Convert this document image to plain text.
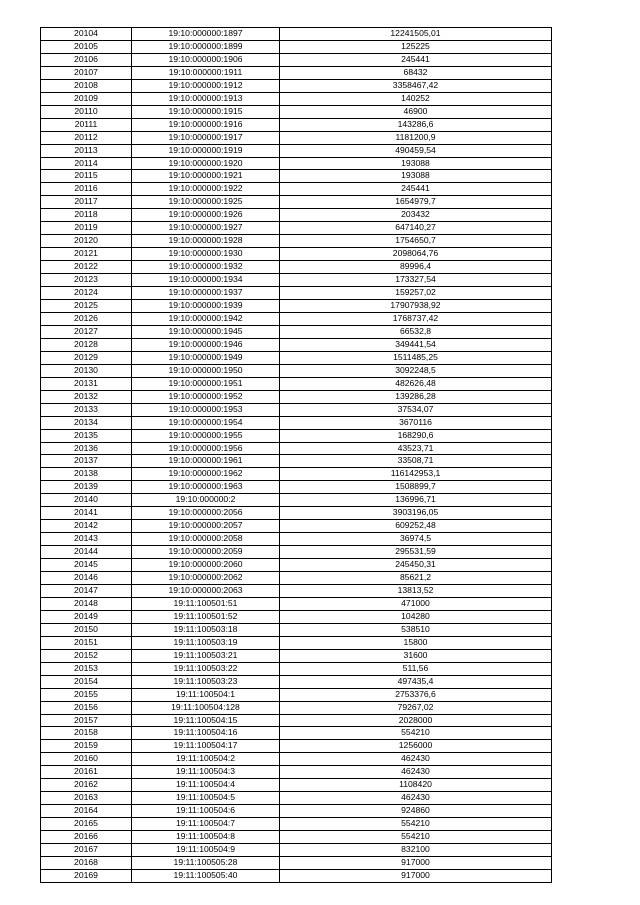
20104	19:10:000000:1897	12241505,01
20105	19:10:000000:1899	125225
20106	19:10:000000:1906	245441
20107	19:10:000000:1911	68432
20108	19:10:000000:1912	3358467,42
20109	19:10:000000:1913	140252
20110	19:10:000000:1915	46900
20111	19:10:000000:1916	143286,6
20112	19:10:000000:1917	1181200,9
20113	19:10:000000:1919	490459,54
20114	19:10:000000:1920	193088
20115	19:10:000000:1921	193088
20116	19:10:000000:1922	245441
20117	19:10:000000:1925	1654979,7
20118	19:10:000000:1926	203432
20119	19:10:000000:1927	647140,27
20120	19:10:000000:1928	1754650,7
20121	19:10:000000:1930	2098064,76
20122	19:10:000000:1932	89996,4
20123	19:10:000000:1934	173327,54
20124	19:10:000000:1937	159257,02
20125	19:10:000000:1939	17907938,92
20126	19:10:000000:1942	1768737,42
20127	19:10:000000:1945	66532,8
20128	19:10:000000:1946	349441,54
20129	19:10:000000:1949	1511485,25
20130	19:10:000000:1950	3092248,5
20131	19:10:000000:1951	482626,48
20132	19:10:000000:1952	139286,28
20133	19:10:000000:1953	37534,07
20134	19:10:000000:1954	3670116
20135	19:10:000000:1955	168290,6
20136	19:10:000000:1956	43523,71
20137	19:10:000000:1961	33508,71
20138	19:10:000000:1962	116142953,1
20139	19:10:000000:1963	1508899,7
20140	19:10:000000:2	136996,71
20141	19:10:000000:2056	3903196,05
20142	19:10:000000:2057	609252,48
20143	19:10:000000:2058	36974,5
20144	19:10:000000:2059	295531,59
20145	19:10:000000:2060	245450,31
20146	19:10:000000:2062	85621,2
20147	19:10:000000:2063	13813,52
20148	19:11:100501:51	471000
20149	19:11:100501:52	104280
20150	19:11:100503:18	538510
20151	19:11:100503:19	15800
20152	19:11:100503:21	31600
20153	19:11:100503:22	511,56
20154	19:11:100503:23	497435,4
20155	19:11:100504:1	2753376,6
20156	19:11:100504:128	79267,02
20157	19:11:100504:15	2028000
20158	19:11:100504:16	554210
20159	19:11:100504:17	1256000
20160	19:11:100504:2	462430
20161	19:11:100504:3	462430
20162	19:11:100504:4	1108420
20163	19:11:100504:5	462430
20164	19:11:100504:6	924860
20165	19:11:100504:7	554210
20166	19:11:100504:8	554210
20167	19:11:100504:9	832100
20168	19:11:100505:28	917000
20169	19:11:100505:40	917000
